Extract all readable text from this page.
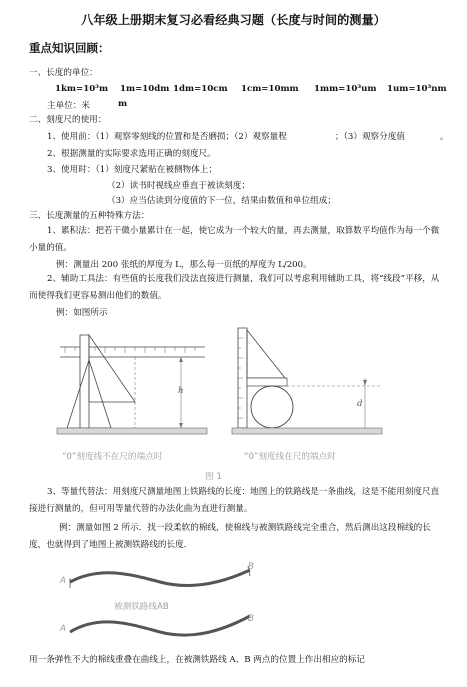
八年级上册期末复习必看经典习题（长度与时间的测量）
重点知识回顾：
一、长度的单位：
1km=10³m 1m=10dm 1dm=10cm 1cm=10mm 1mm=10³um 1um=10³nm
主单位：米	m
二、刻度尺的使用：
1、使用前：（1）观察零刻线的位置和是否磨损；（2）观察量程	；（3）观察分度值	。
2、根据测量的实际要求选用正确的刻度尺。
3、使用时：（1）刻度尺紧贴在被侧物体上；
（2）读书时视线应垂直于被读刻度；
（3）应当估读到分度值的下一位，结果由数值和单位组成；
三、长度测量的五种特殊方法：
1、累积法：把若干微小量累计在一起，使它成为一个较大的量，再去测量，取算数平均值作为每一个微小量的值。
例：测量出 200 张纸的厚度为 L，那么每一页纸的厚度为 L/200。
2、辅助工具法：有些值的长度我们没法直接进行测量，我们可以考虑利用辅助工具，将“线段”平移，从而使得我们更容易测出他们的数值。
例：如图所示
h
d
“0”刻度线不在尺的端点时	“0”刻度线在尺的端点时
图 1
3、等量代替法：用刻度尺测量地图上铁路线的长度：地图上的铁路线是一条曲线，这是不能用刻度尺直接进行测量的，但可用等量代替的办法化曲为直进行测量。
例：测量如图 2 所示．找一段柔软的棉线，使棉线与被测铁路线完全重合，然后测出这段棉线的长度，也就得到了地图上被测铁路线的长度．
A
B
被测铁路线AB
A
B
用一条弹性不大的棉线重叠在曲线上，在被测铁路线 A、B 两点的位置上作出相应的标记
